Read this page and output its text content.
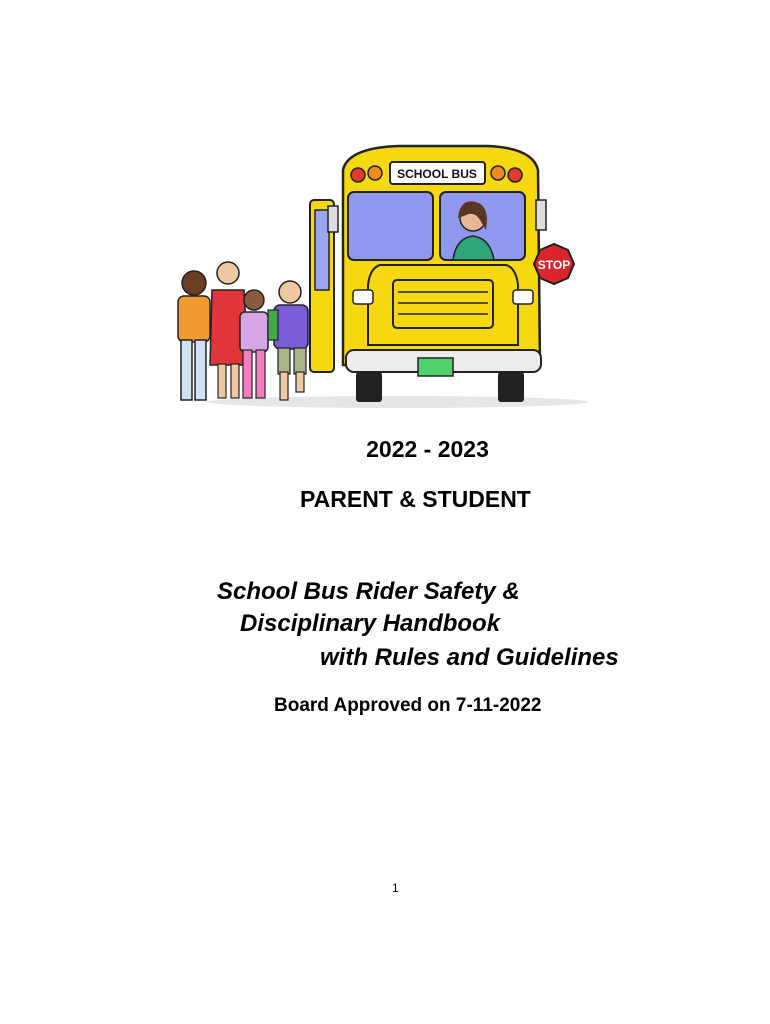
SCHOOL BUS
STOP
2022 - 2023
PARENT & STUDENT
School Bus Rider Safety &
Disciplinary Handbook
with Rules and Guidelines
Board Approved on 7-11-2022
1
